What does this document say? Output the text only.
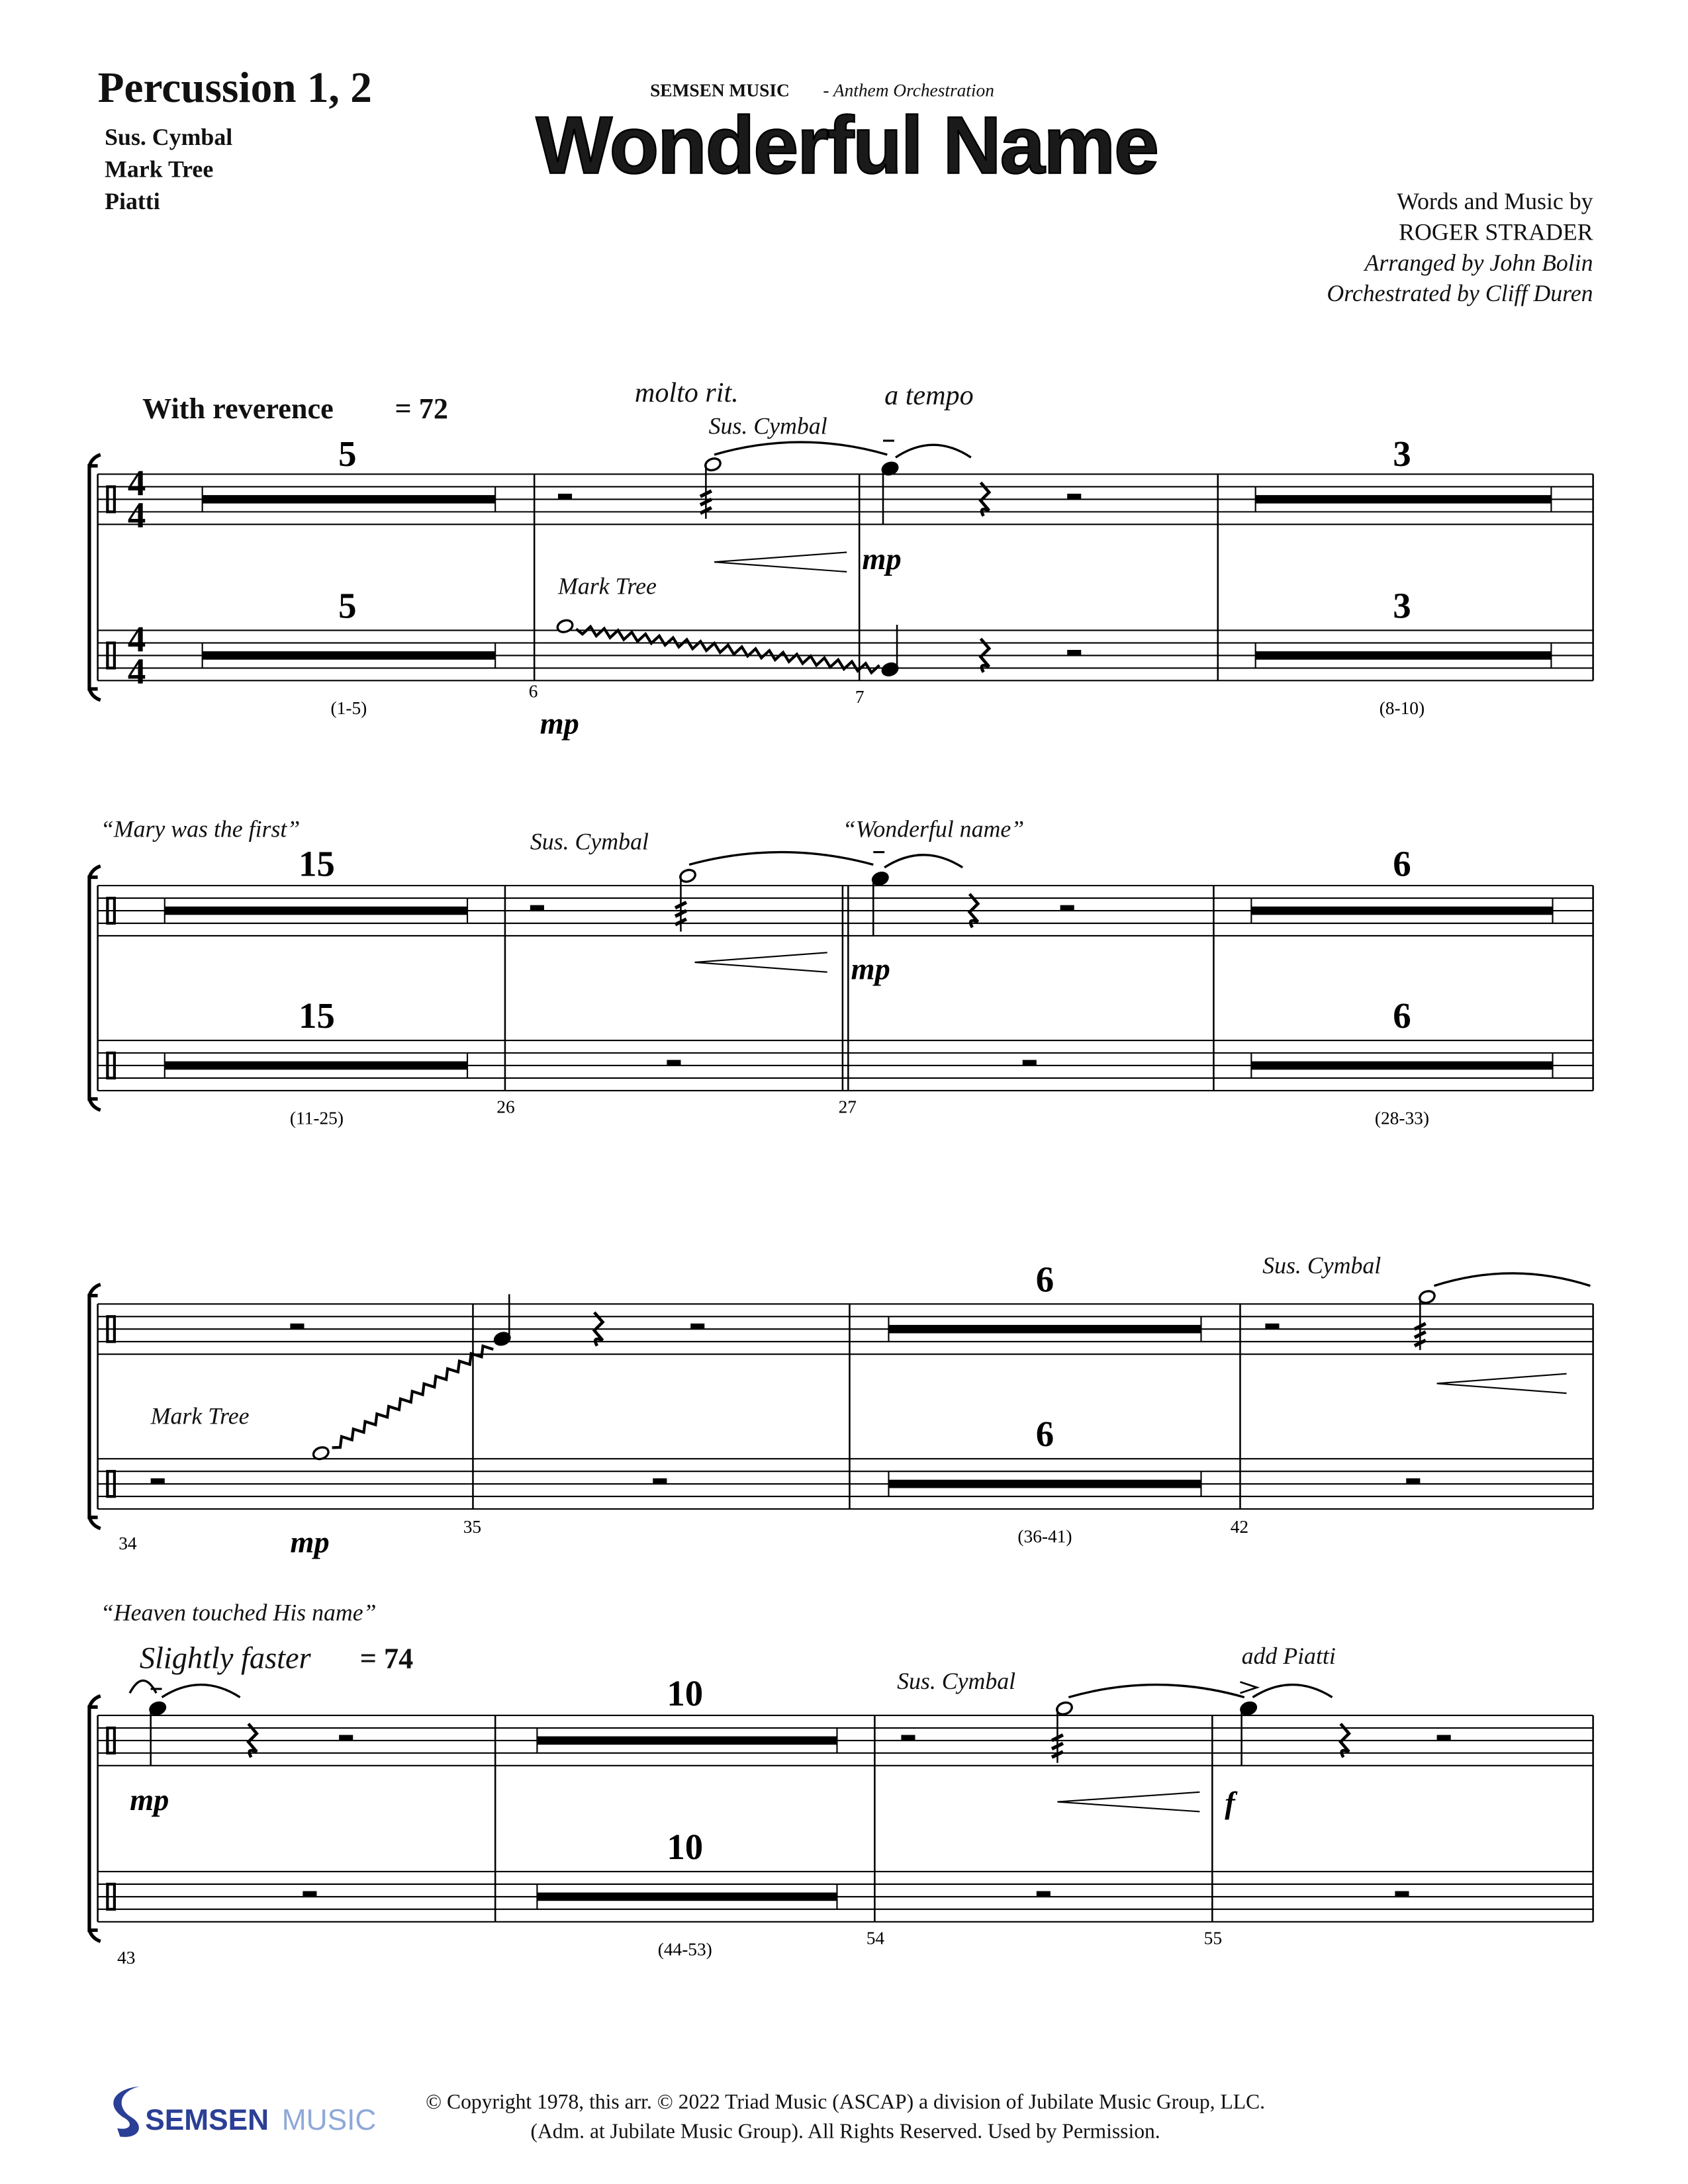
Percussion 1, 2
Sus. Cymbal
Mark Tree
Piatti
SEMSEN MUSIC	- Anthem Orchestration
Wonderful Name
Words and Music by
ROGER STRADER
Arranged by John Bolin
Orchestrated by Cliff Duren
4
4
4
4
With reverence	= 72	molto rit.	a tempo
Sus. Cymbal
Mark Tree
5
5
3
3
(1-5)	(8-10)
6	7
mp
mp
“Mary was the first”	“Wonderful name”
Sus. Cymbal
15
15
6
6
(11-25)	(28-33)
26	27
mp
6
6
Sus. Cymbal
Mark Tree
mp
34
35	(36-41)	42
“Heaven touched His name”
Slightly faster	= 74
10
10
(44-53)
Sus. Cymbal
add Piatti
mp	f
43
54	55
SEMSEN MUSIC
© Copyright 1978, this arr. © 2022 Triad Music (ASCAP) a division of Jubilate Music Group, LLC.
(Adm. at Jubilate Music Group). All Rights Reserved. Used by Permission.
